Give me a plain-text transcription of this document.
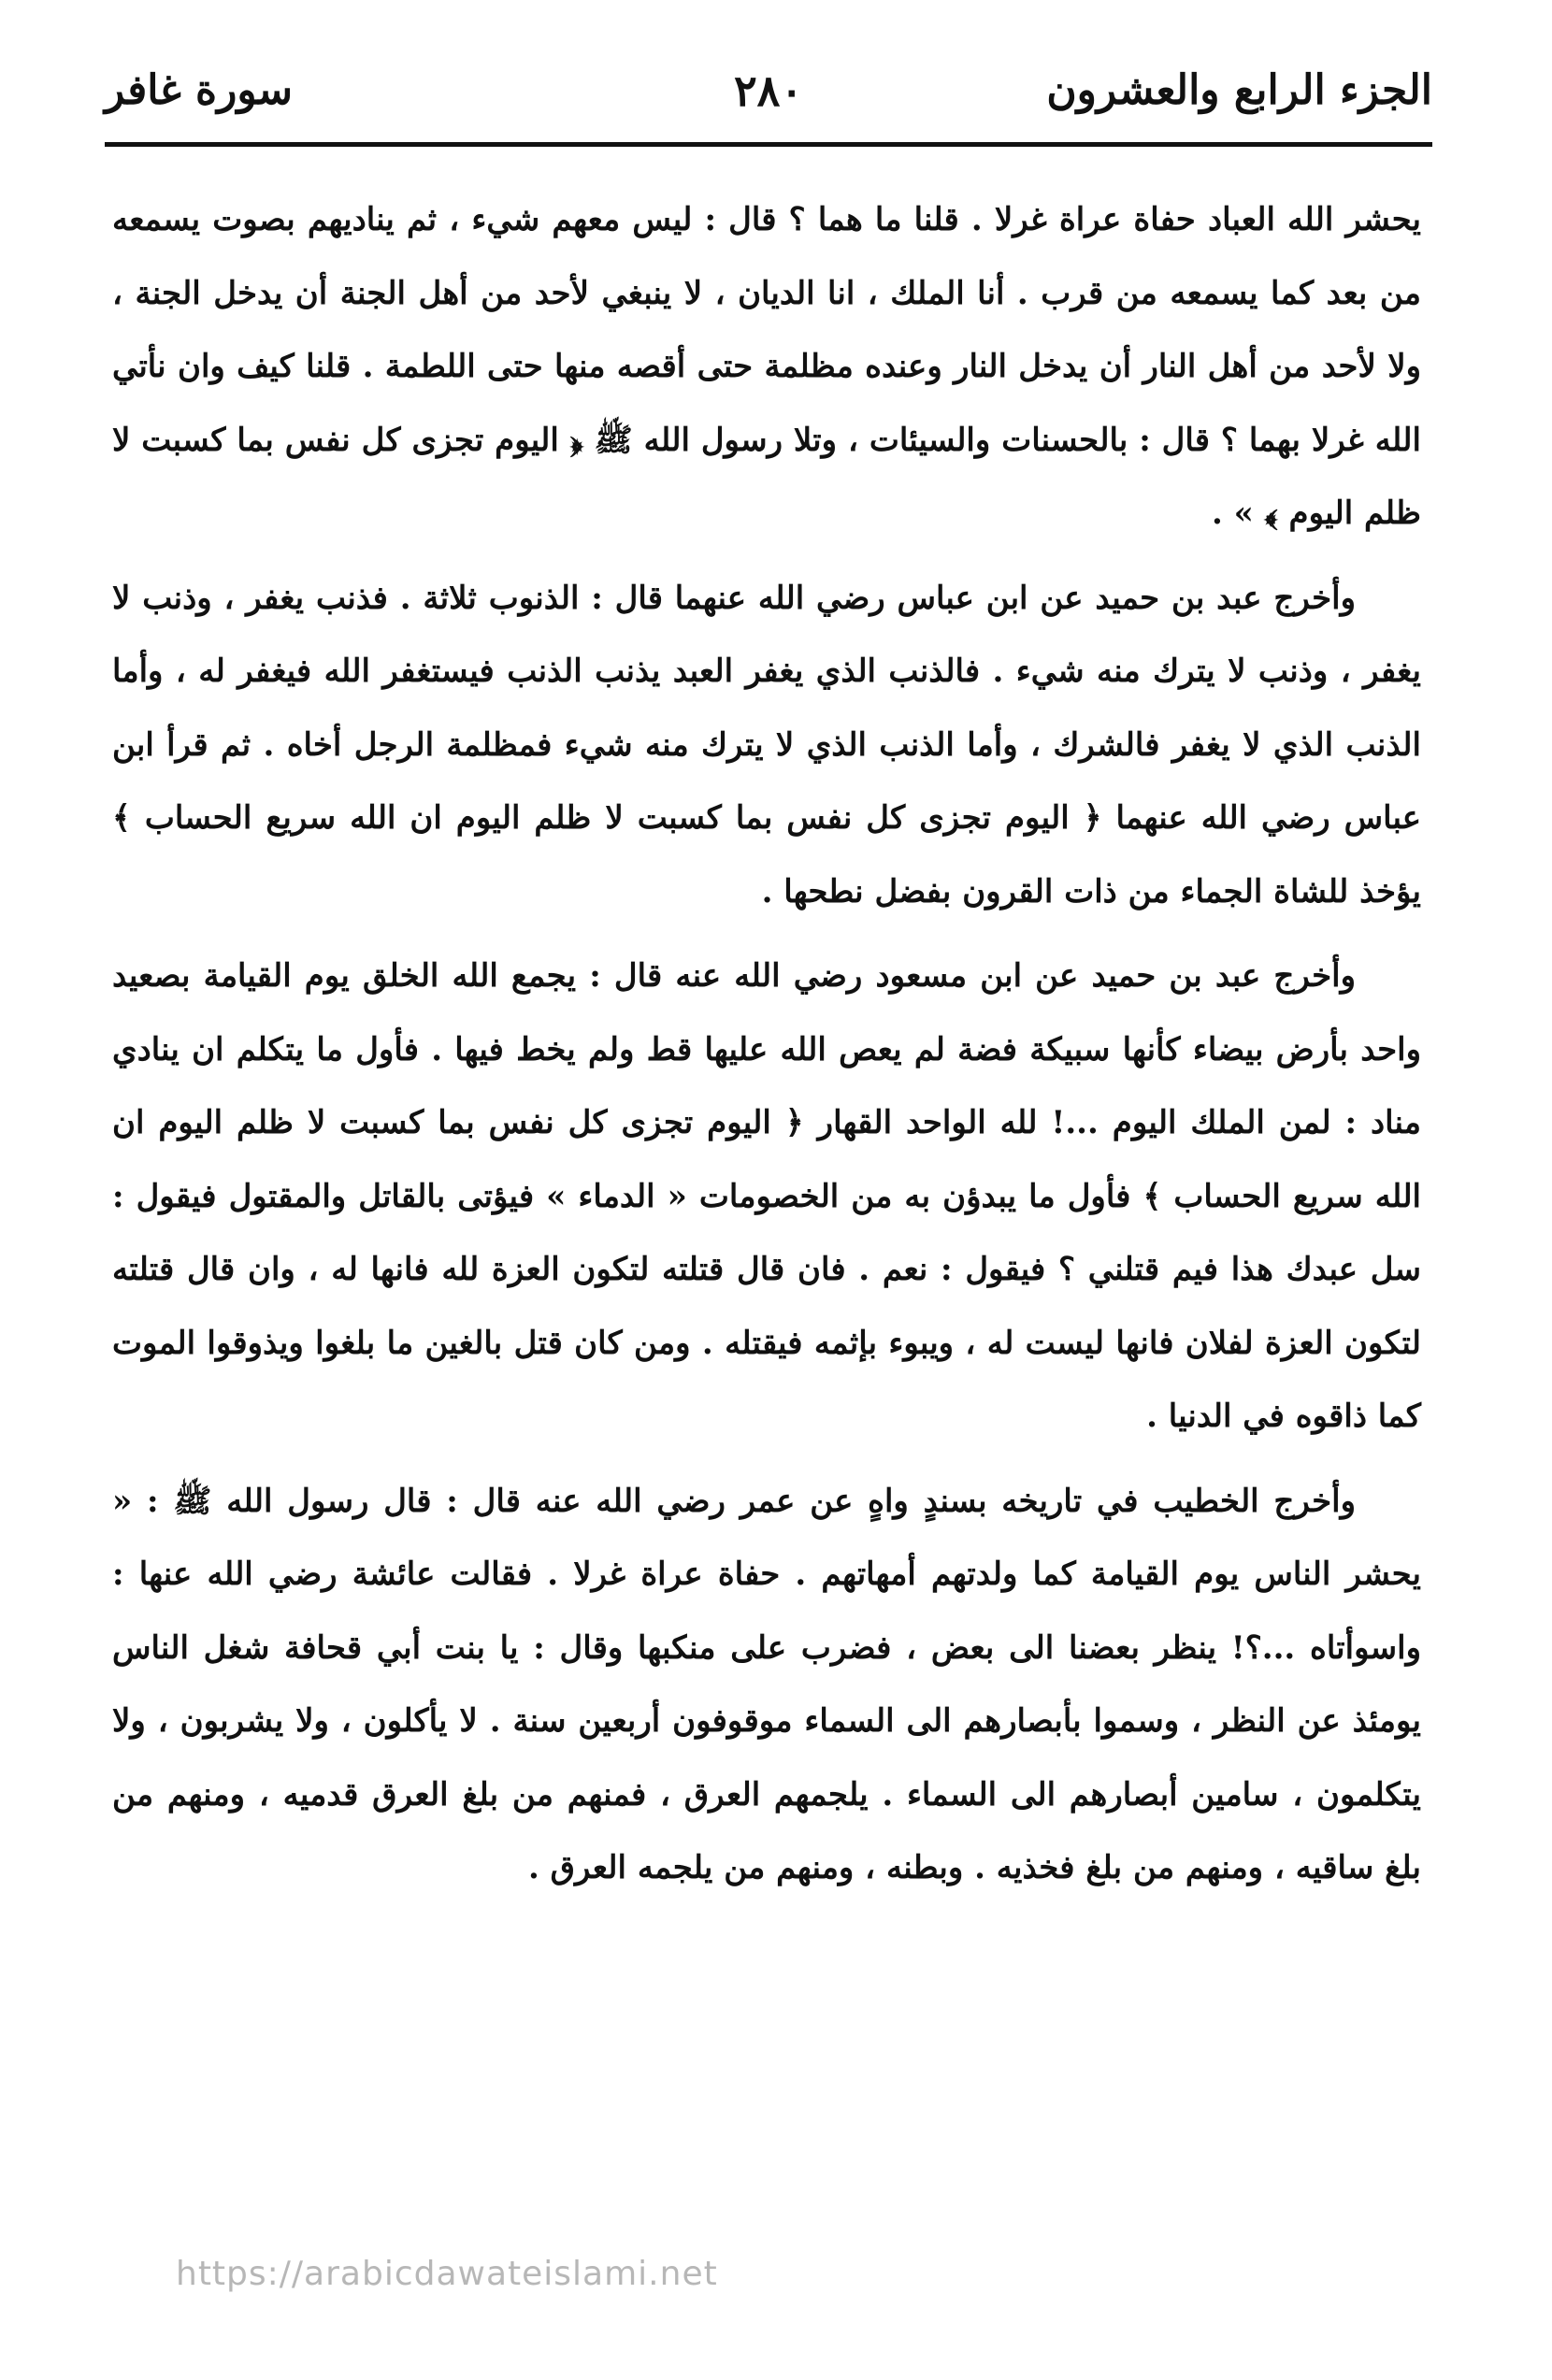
الجزء الرابع والعشرون
٢٨٠
سورة غافر

يحشر الله العباد حفاة عراة غرلا . قلنا ما هما ؟ قال : ليس معهم شيء ، ثم يناديهم بصوت يسمعه من بعد كما يسمعه من قرب . أنا الملك ، انا الديان ، لا ينبغي لأحد من أهل الجنة أن يدخل الجنة ، ولا لأحد من أهل النار أن يدخل النار وعنده مظلمة حتى أقصه منها حتى اللطمة . قلنا كيف وان نأتي الله غرلا بهما ؟ قال : بالحسنات والسيئات ، وتلا رسول الله ﷺ ﴿ اليوم تجزى كل نفس بما كسبت لا ظلم اليوم ﴾ » .

وأخرج عبد بن حميد عن ابن عباس رضي الله عنهما قال : الذنوب ثلاثة . فذنب يغفر ، وذنب لا يغفر ، وذنب لا يترك منه شيء . فالذنب الذي يغفر العبد يذنب الذنب فيستغفر الله فيغفر له ، وأما الذنب الذي لا يغفر فالشرك ، وأما الذنب الذي لا يترك منه شيء فمظلمة الرجل أخاه . ثم قرأ ابن عباس رضي الله عنهما ﴿ اليوم تجزى كل نفس بما كسبت لا ظلم اليوم ان الله سريع الحساب ﴾ يؤخذ للشاة الجماء من ذات القرون بفضل نطحها .

وأخرج عبد بن حميد عن ابن مسعود رضي الله عنه قال : يجمع الله الخلق يوم القيامة بصعيد واحد بأرض بيضاء كأنها سبيكة فضة لم يعص الله عليها قط ولم يخط فيها . فأول ما يتكلم ان ينادي مناد : لمن الملك اليوم ...! لله الواحد القهار ﴿ اليوم تجزى كل نفس بما كسبت لا ظلم اليوم ان الله سريع الحساب ﴾ فأول ما يبدؤن به من الخصومات « الدماء » فيؤتى بالقاتل والمقتول فيقول : سل عبدك هذا فيم قتلني ؟ فيقول : نعم . فان قال قتلته لتكون العزة لله فانها له ، وان قال قتلته لتكون العزة لفلان فانها ليست له ، ويبوء بإثمه فيقتله . ومن كان قتل بالغين ما بلغوا ويذوقوا الموت كما ذاقوه في الدنيا .

وأخرج الخطيب في تاريخه بسندٍ واهٍ عن عمر رضي الله عنه قال : قال رسول الله ﷺ : « يحشر الناس يوم القيامة كما ولدتهم أمهاتهم . حفاة عراة غرلا . فقالت عائشة رضي الله عنها : واسوأتاه ...؟! ينظر بعضنا الى بعض ، فضرب على منكبها وقال : يا بنت أبي قحافة شغل الناس يومئذ عن النظر ، وسموا بأبصارهم الى السماء موقوفون أربعين سنة . لا يأكلون ، ولا يشربون ، ولا يتكلمون ، سامين أبصارهم الى السماء . يلجمهم العرق ، فمنهم من بلغ العرق قدميه ، ومنهم من بلغ ساقيه ، ومنهم من بلغ فخذيه . وبطنه ، ومنهم من يلجمه العرق .

https://arabicdawateislami.net
